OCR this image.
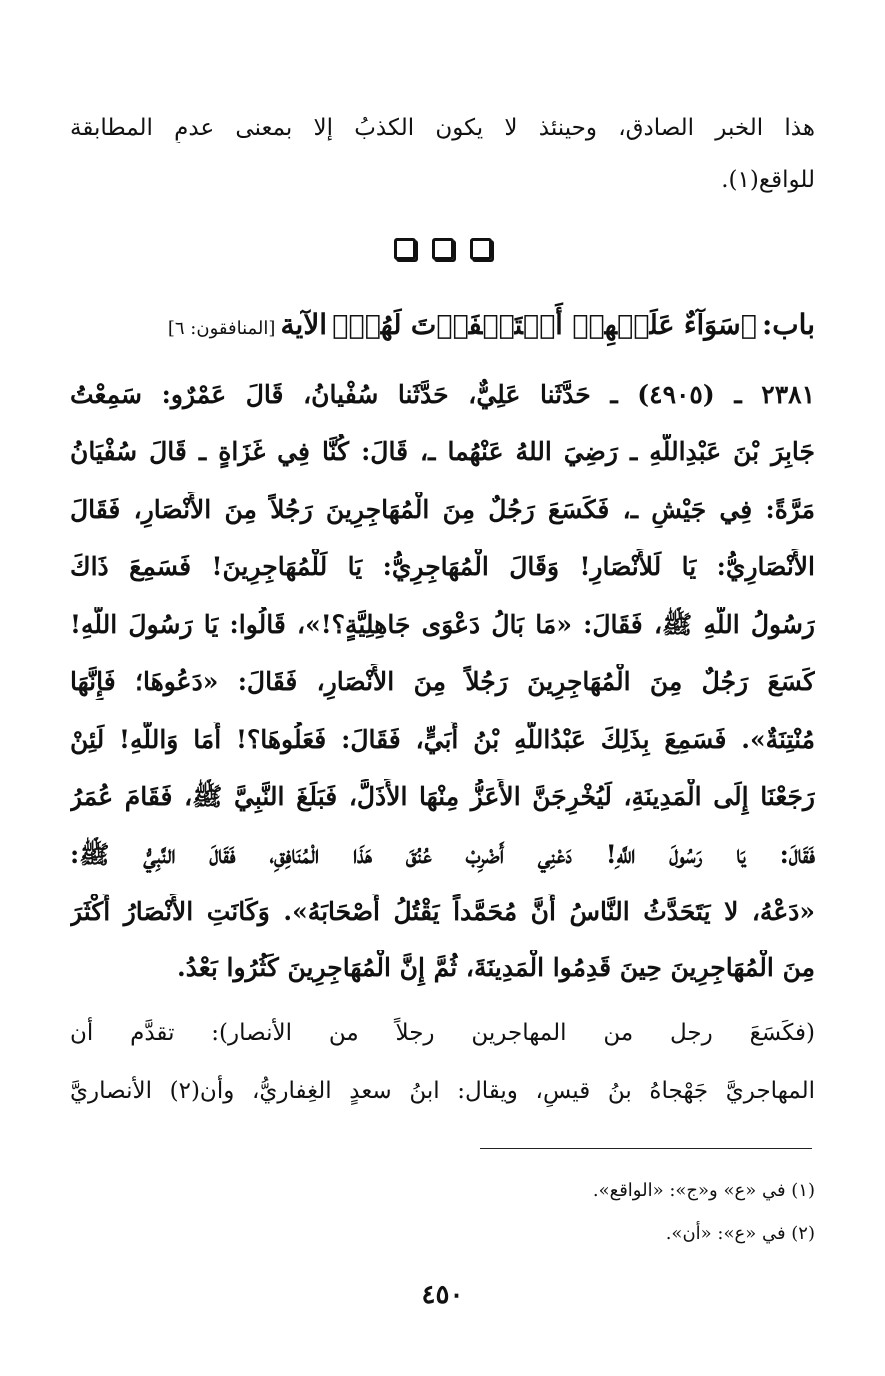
هذا الخبر الصادق، وحينئذ لا يكون الكذبُ إلا بمعنى عدمِ المطابقة
للواقع(١).
باب: ﴿سَوَآءٌ عَلَيۡهِمۡ أَسۡتَغۡفَرۡتَ لَهُمۡ﴾ الآية [المنافقون: ٦]
٢٣٨١ ـ (٤٩٠٥) ـ حَدَّثَنا عَلِيٌّ، حَدَّثَنا سُفْيانُ، قَالَ عَمْرٌو: سَمِعْتُ
جَابِرَ بْنَ عَبْدِاللَّهِ ـ رَضِيَ اللهُ عَنْهُما ـ، قَالَ: كُنَّا فِي غَزَاةٍ ـ قَالَ سُفْيَانُ
مَرَّةً: فِي جَيْشٍ ـ، فَكَسَعَ رَجُلٌ مِنَ الْمُهَاجِرِينَ رَجُلاً مِنَ الأَنْصَارِ، فَقَالَ
الأَنْصَارِيُّ: يَا لَلأَنْصَارِ! وَقَالَ الْمُهَاجِرِيُّ: يَا لَلْمُهَاجِرِينَ! فَسَمِعَ ذَاكَ
رَسُولُ اللَّهِ ﷺ، فَقَالَ: «مَا بَالُ دَعْوَى جَاهِلِيَّةٍ؟!»، قَالُوا: يَا رَسُولَ اللَّهِ!
كَسَعَ رَجُلٌ مِنَ الْمُهَاجِرِينَ رَجُلاً مِنَ الأَنْصَارِ، فَقَالَ: «دَعُوهَا؛ فَإِنَّهَا
مُنْتِنَةٌ». فَسَمِعَ بِذَلِكَ عَبْدُاللَّهِ بْنُ أُبَيٍّ، فَقَالَ: فَعَلُوهَا؟! أَمَا وَاللَّهِ! لَئِنْ
رَجَعْنَا إِلَى الْمَدِينَةِ، لَيُخْرِجَنَّ الأَعَزُّ مِنْهَا الأَذَلَّ، فَبَلَغَ النَّبِيَّ ﷺ، فَقَامَ عُمَرُ
فَقَالَ: يَا رَسُولَ اللَّهِ! دَعْنِي أَضْرِبْ عُنُقَ هَذَا الْمُنَافِقِ، فَقَالَ النَّبِيُّ ﷺ:
«دَعْهُ، لا يَتَحَدَّثُ النَّاسُ أَنَّ مُحَمَّداً يَقْتُلُ أَصْحَابَهُ». وَكَانَتِ الأَنْصَارُ أَكْثَرَ
مِنَ الْمُهَاجِرِينَ حِينَ قَدِمُوا الْمَدِينَةَ، ثُمَّ إِنَّ الْمُهَاجِرِينَ كَثُرُوا بَعْدُ.
(فكَسَعَ رجل من المهاجرين رجلاً من الأنصار): تقدَّم أن
المهاجريَّ جَهْجاهُ بنُ قيسٍ، ويقال: ابنُ سعدٍ الغِفاريُّ، وأن(٢) الأنصاريَّ
(١) في «ع» و«ج»: «الواقع».
(٢) في «ع»: «أن».
٤٥٠
